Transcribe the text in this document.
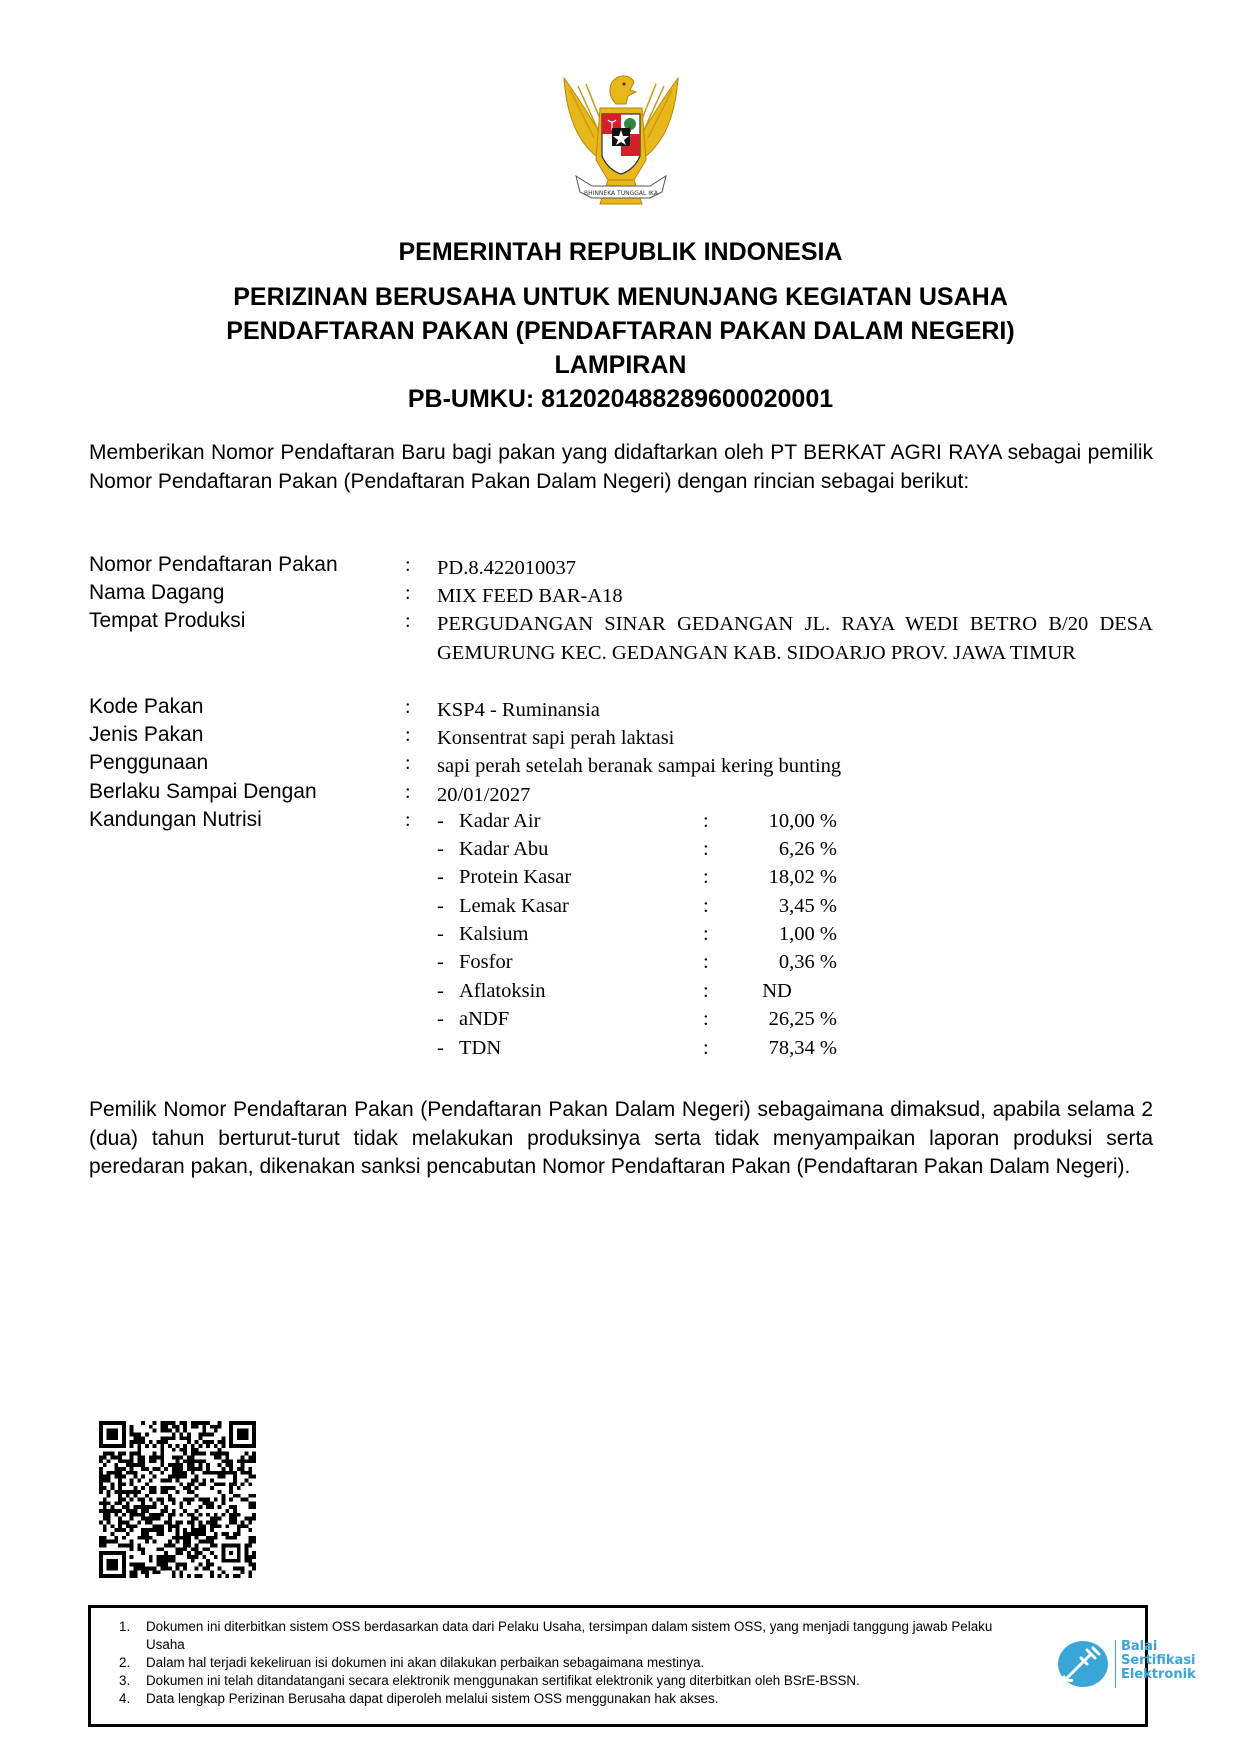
BHINNEKA TUNGGAL IKA
PEMERINTAH REPUBLIK INDONESIA
PERIZINAN BERUSAHA UNTUK MENUNJANG KEGIATAN USAHA
PENDAFTARAN PAKAN (PENDAFTARAN PAKAN DALAM NEGERI)
LAMPIRAN
PB-UMKU: 812020488289600020001
Memberikan Nomor Pendaftaran Baru bagi pakan yang didaftarkan oleh PT BERKAT AGRI RAYA sebagai pemilik Nomor Pendaftaran Pakan (Pendaftaran Pakan Dalam Negeri) dengan rincian sebagai berikut:
Nomor Pendaftaran Pakan	: PD.8.422010037
Nama Dagang	: MIX FEED BAR-A18
Tempat Produksi	: PERGUDANGAN SINAR GEDANGAN JL. RAYA WEDI BETRO B/20 DESA GEMURUNG KEC. GEDANGAN KAB. SIDOARJO PROV. JAWA TIMUR
Kode Pakan	: KSP4 - Ruminansia
Jenis Pakan	: Konsentrat sapi perah laktasi
Penggunaan	: sapi perah setelah beranak sampai kering bunting
Berlaku Sampai Dengan	: 20/01/2027
Kandungan Nutrisi	: - Kadar Air	:	10,00 %
- Kadar Abu	:	6,26 %
- Protein Kasar	:	18,02 %
- Lemak Kasar	:	3,45 %
- Kalsium	:	1,00 %
- Fosfor	:	0,36 %
- Aflatoksin	:	ND
- aNDF	:	26,25 %
- TDN	:	78,34 %
Pemilik Nomor Pendaftaran Pakan (Pendaftaran Pakan Dalam Negeri) sebagaimana dimaksud, apabila selama 2 (dua) tahun berturut-turut tidak melakukan produksinya serta tidak menyampaikan laporan produksi serta peredaran pakan, dikenakan sanksi pencabutan Nomor Pendaftaran Pakan (Pendaftaran Pakan Dalam Negeri).
1. Dokumen ini diterbitkan sistem OSS berdasarkan data dari Pelaku Usaha, tersimpan dalam sistem OSS, yang menjadi tanggung jawab Pelaku Usaha
2. Dalam hal terjadi kekeliruan isi dokumen ini akan dilakukan perbaikan sebagaimana mestinya.
3. Dokumen ini telah ditandatangani secara elektronik menggunakan sertifikat elektronik yang diterbitkan oleh BSrE-BSSN.
4. Data lengkap Perizinan Berusaha dapat diperoleh melalui sistem OSS menggunakan hak akses.
Balai
Sertifikasi
Elektronik
